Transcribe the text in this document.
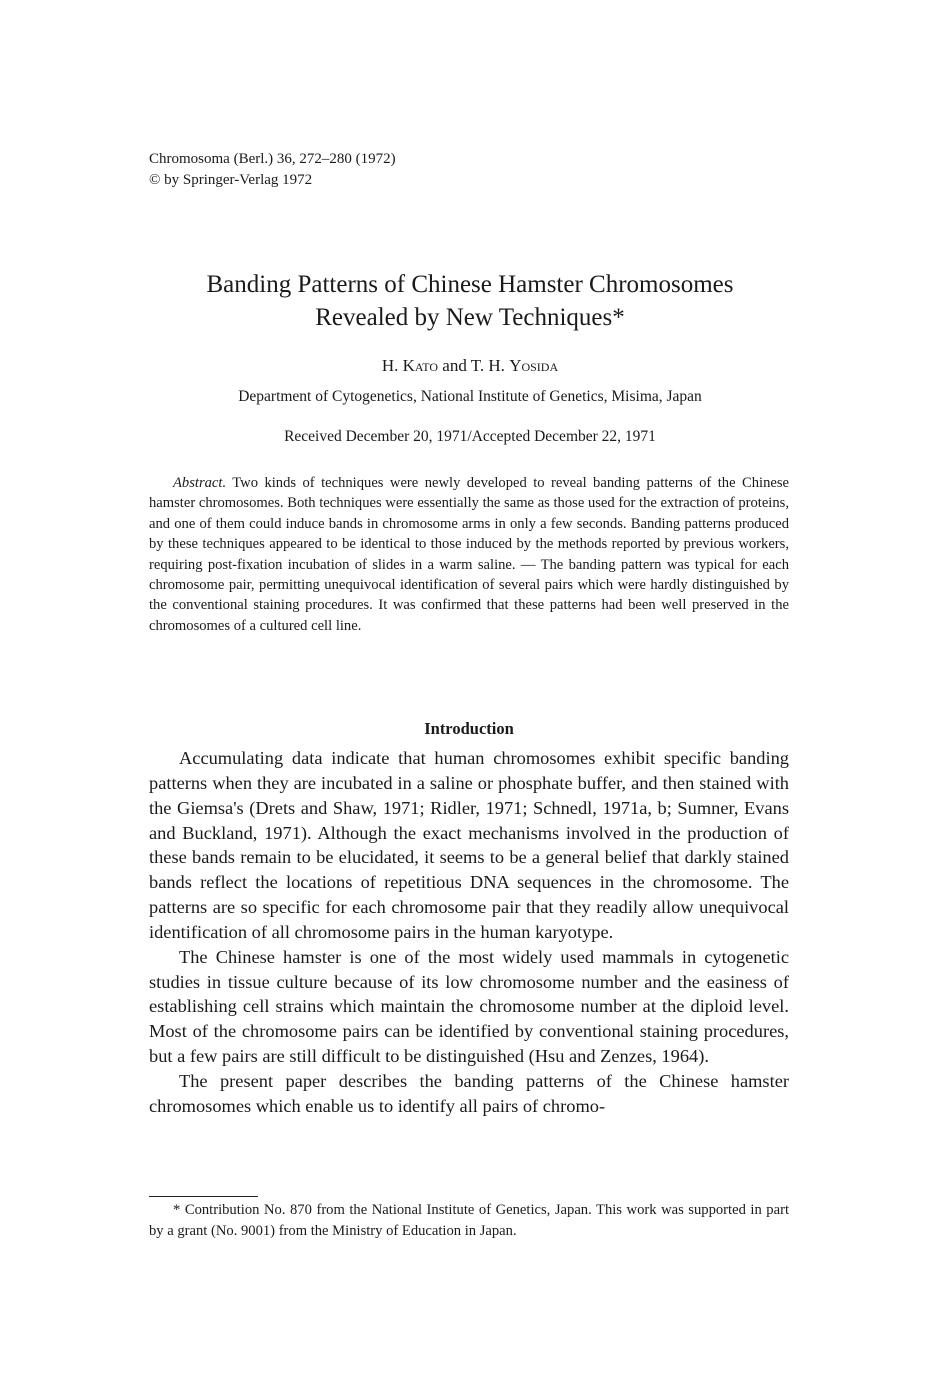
Chromosoma (Berl.) 36, 272–280 (1972)
© by Springer-Verlag 1972
Banding Patterns of Chinese Hamster Chromosomes
Revealed by New Techniques*
H. Kato and T. H. Yosida
Department of Cytogenetics, National Institute of Genetics, Misima, Japan
Received December 20, 1971/Accepted December 22, 1971
Abstract. Two kinds of techniques were newly developed to reveal banding patterns of the Chinese hamster chromosomes. Both techniques were essentially the same as those used for the extraction of proteins, and one of them could induce bands in chromosome arms in only a few seconds. Banding patterns produced by these techniques appeared to be identical to those induced by the methods reported by previous workers, requiring post-fixation incubation of slides in a warm saline. — The banding pattern was typical for each chromosome pair, permitting unequivocal identification of several pairs which were hardly distinguished by the conventional staining procedures. It was confirmed that these patterns had been well preserved in the chromosomes of a cultured cell line.
Introduction

Accumulating data indicate that human chromosomes exhibit specific banding patterns when they are incubated in a saline or phosphate buffer, and then stained with the Giemsa's (Drets and Shaw, 1971; Ridler, 1971; Schnedl, 1971a, b; Sumner, Evans and Buckland, 1971). Although the exact mechanisms involved in the production of these bands remain to be elucidated, it seems to be a general belief that darkly stained bands reflect the locations of repetitious DNA sequences in the chromosome. The patterns are so specific for each chromosome pair that they readily allow unequivocal identification of all chromosome pairs in the human karyotype.

The Chinese hamster is one of the most widely used mammals in cytogenetic studies in tissue culture because of its low chromosome number and the easiness of establishing cell strains which maintain the chromosome number at the diploid level. Most of the chromosome pairs can be identified by conventional staining procedures, but a few pairs are still difficult to be distinguished (Hsu and Zenzes, 1964).

The present paper describes the banding patterns of the Chinese hamster chromosomes which enable us to identify all pairs of chromo-

* Contribution No. 870 from the National Institute of Genetics, Japan. This work was supported in part by a grant (No. 9001) from the Ministry of Education in Japan.
